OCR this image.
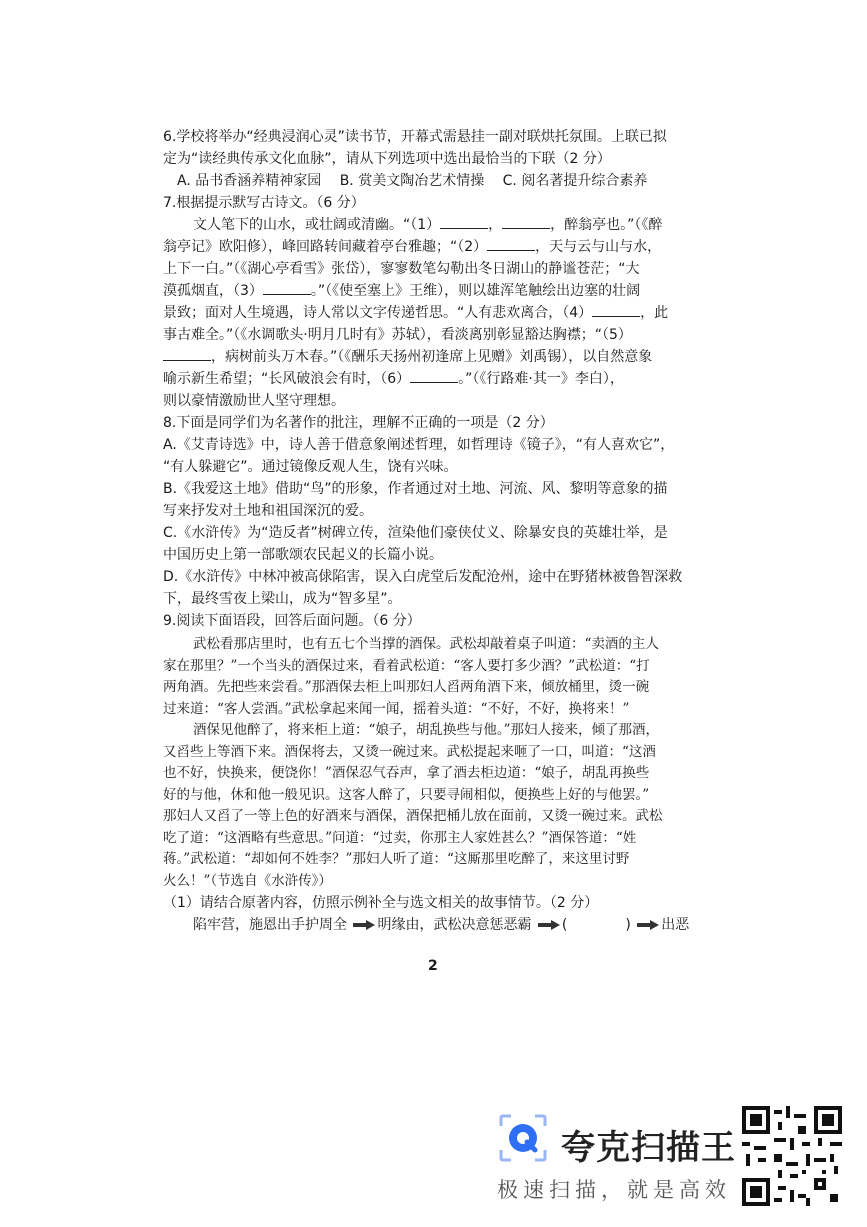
6.学校将举办“经典浸润心灵”读书节，开幕式需悬挂一副对联烘托氛围。上联已拟
定为“读经典传承文化血脉”，请从下列选项中选出最恰当的下联（2 分）
A. 品书香涵养精神家园 B. 赏美文陶冶艺术情操 C. 阅名著提升综合素养
7.根据提示默写古诗文。（6 分）
文人笔下的山水，或壮阔或清幽。“（1）	，	，醉翁亭也。”（《醉
翁亭记》欧阳修），峰回路转间藏着亭台雅趣；“（2）	，天与云与山与水，
上下一白。”（《湖心亭看雪》张岱），寥寥数笔勾勒出冬日湖山的静谧苍茫；“大
漠孤烟直，（3）	。”（《使至塞上》王维），则以雄浑笔触绘出边塞的壮阔
景致；面对人生境遇，诗人常以文字传递哲思。“人有悲欢离合，（4）	，此
事古难全。”（《水调歌头·明月几时有》苏轼），看淡离别彰显豁达胸襟；“（5）
，病树前头万木春。”（《酬乐天扬州初逢席上见赠》刘禹锡），以自然意象
喻示新生希望；“长风破浪会有时，（6）	。”（《行路难·其一》李白），
则以豪情激励世人坚守理想。
8.下面是同学们为名著作的批注，理解不正确的一项是（2 分）
A.《艾青诗选》中，诗人善于借意象阐述哲理，如哲理诗《镜子》，“有人喜欢它”，
“有人躲避它”。通过镜像反观人生，饶有兴味。
B.《我爱这土地》借助“鸟”的形象，作者通过对土地、河流、风、黎明等意象的描
写来抒发对土地和祖国深沉的爱。
C.《水浒传》为“造反者”树碑立传，渲染他们豪侠仗义、除暴安良的英雄壮举，是
中国历史上第一部歌颂农民起义的长篇小说。
D.《水浒传》中林冲被高俅陷害，误入白虎堂后发配沧州，途中在野猪林被鲁智深救
下，最终雪夜上梁山，成为“智多星”。
9.阅读下面语段，回答后面问题。（6 分）
武松看那店里时，也有五七个当撑的酒保。武松却敲着桌子叫道：“卖酒的主人
家在那里？”一个当头的酒保过来，看着武松道：“客人要打多少酒？”武松道：“打
两角酒。先把些来尝看。”那酒保去柜上叫那妇人舀两角酒下来，倾放桶里，烫一碗
过来道：“客人尝酒。”武松拿起来闻一闻，摇着头道：“不好，不好，换将来！”
酒保见他醉了，将来柜上道：“娘子，胡乱换些与他。”那妇人接来，倾了那酒，
又舀些上等酒下来。酒保将去，又烫一碗过来。武松提起来咂了一口，叫道：“这酒
也不好，快换来，便饶你！”酒保忍气吞声，拿了酒去柜边道：“娘子，胡乱再换些
好的与他，休和他一般见识。这客人醉了，只要寻闹相似，便换些上好的与他罢。”
那妇人又舀了一等上色的好酒来与酒保，酒保把桶儿放在面前，又烫一碗过来。武松
吃了道：“这酒略有些意思。”问道：“过卖，你那主人家姓甚么？”酒保答道：“姓
蒋。”武松道：“却如何不姓李？”那妇人听了道：“这厮那里吃醉了，来这里讨野
火么！”（节选自《水浒传》）
（1）请结合原著内容，仿照示例补全与选文相关的故事情节。（2 分）
陷牢营，施恩出手护周全 明缘由，武松决意惩恶霸 (	) 出恶
2
夸克扫描王
极速扫描，就是高效
